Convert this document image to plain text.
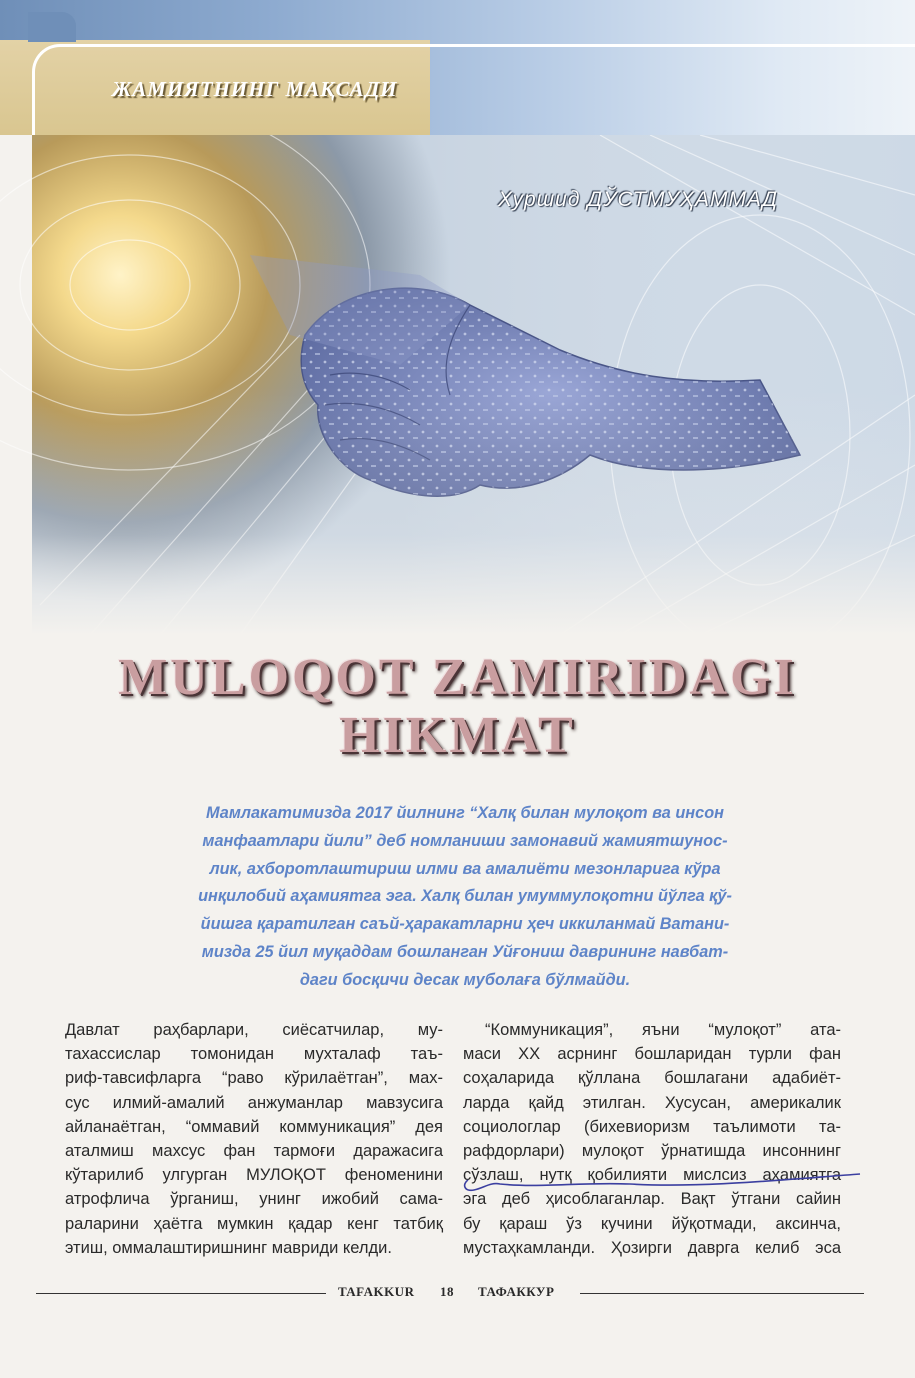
ЖАМИЯТНИНГ МАҚСАДИ

Хуршид ДЎСТМУҲАММАД

MULOQOT ZAMIRIDAGI
HIKMAT
Мамлакатимизда 2017 йилнинг “Халқ билан мулоқот ва инсон
манфаатлари йили” деб номланиши замонавий жамиятшунос-
лик, ахборотлаштириш илми ва амалиёти мезонларига кўра
инқилобий аҳамиятга эга. Халқ билан умуммулоқотни йўлга қў-
йишга қаратилган саъй-ҳаракатларни ҳеч иккиланмай Ватани-
мизда 25 йил муқаддам бошланган Уйғониш даврининг навбат-
даги босқичи десак муболаға бўлмайди.

Давлат раҳбарлари, сиёсатчилар, му-

тахассислар томонидан мухталаф таъ-

риф-тавсифларга “раво кўрилаётган”, мах-

сус илмий-амалий анжуманлар мавзусига

айланаётган, “оммавий коммуникация” дея

аталмиш махсус фан тармоғи даражасига

кўтарилиб улгурган МУЛОҚОТ феноменини

атрофлича ўрганиш, унинг ижобий сама-

раларини ҳаётга мумкин қадар кенг татбиқ

этиш, оммалаштиришнинг мавриди келди.

“Коммуникация”, яъни “мулоқот” ата-

маси XX асрнинг бошларидан турли фан

соҳаларида қўллана бошлагани адабиёт-

ларда қайд этилган. Хусусан, америкалик

социологлар (бихевиоризм таълимоти та-

рафдорлари) мулоқот ўрнатишда инсоннинг

сўзлаш, нутқ қобилияти мислсиз аҳамиятга

эга деб ҳисоблаганлар. Вақт ўтгани сайин

бу қараш ўз кучини йўқотмади, аксинча,

мустаҳкамланди. Ҳозирги даврга келиб эса

TAFAKKUR 18 ТАФАККУР
